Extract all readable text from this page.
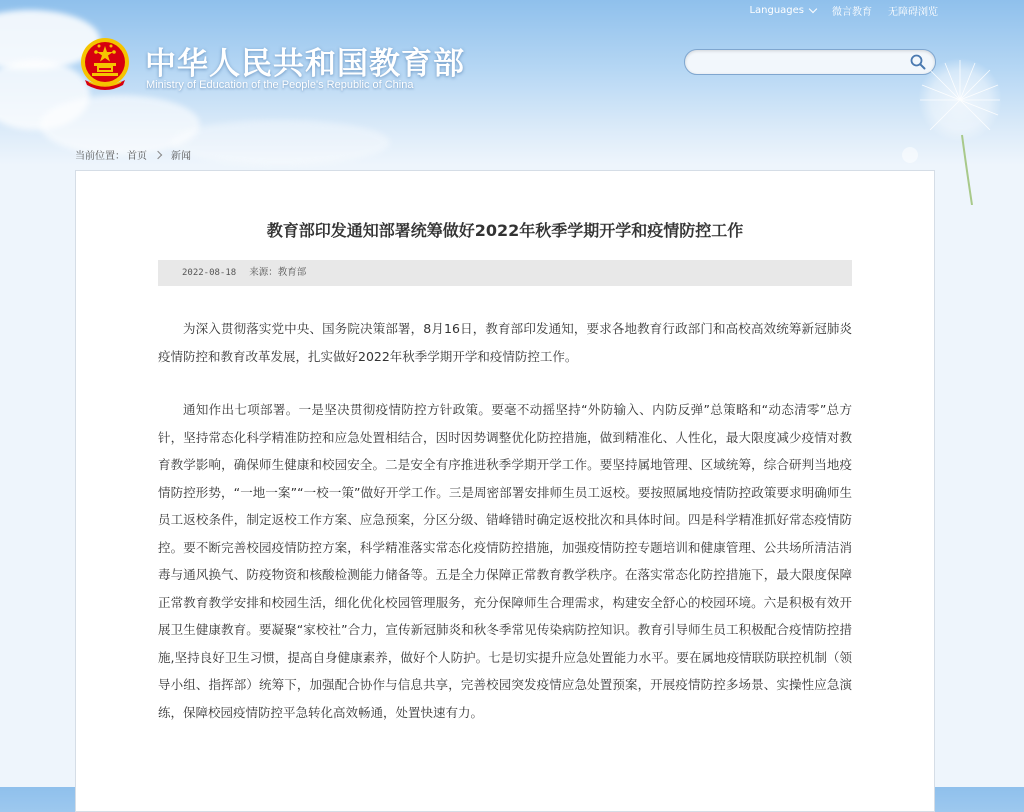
Languages	微言教育 无障碍浏览
中华人民共和国教育部
Ministry of Education of the People's Republic of China
当前位置： 首页 新闻
教育部印发通知部署统筹做好2022年秋季学期开学和疫情防控工作
2022-08-18 来源：教育部

为深入贯彻落实党中央、国务院决策部署，8月16日，教育部印发通知，要求各地教育行政部门和高校高效统筹新冠肺炎疫情防控和教育改革发展，扎实做好2022年秋季学期开学和疫情防控工作。

通知作出七项部署。一是坚决贯彻疫情防控方针政策。要毫不动摇坚持“外防输入、内防反弹”总策略和“动态清零”总方针，坚持常态化科学精准防控和应急处置相结合，因时因势调整优化防控措施，做到精准化、人性化，最大限度减少疫情对教育教学影响，确保师生健康和校园安全。二是安全有序推进秋季学期开学工作。要坚持属地管理、区域统筹，综合研判当地疫情防控形势，“一地一案”“一校一策”做好开学工作。三是周密部署安排师生员工返校。要按照属地疫情防控政策要求明确师生员工返校条件，制定返校工作方案、应急预案，分区分级、错峰错时确定返校批次和具体时间。四是科学精准抓好常态疫情防控。要不断完善校园疫情防控方案，科学精准落实常态化疫情防控措施，加强疫情防控专题培训和健康管理、公共场所清洁消毒与通风换气、防疫物资和核酸检测能力储备等。五是全力保障正常教育教学秩序。在落实常态化防控措施下，最大限度保障正常教育教学安排和校园生活，细化优化校园管理服务，充分保障师生合理需求，构建安全舒心的校园环境。六是积极有效开展卫生健康教育。要凝聚“家校社”合力，宣传新冠肺炎和秋冬季常见传染病防控知识。教育引导师生员工积极配合疫情防控措施,坚持良好卫生习惯，提高自身健康素养，做好个人防护。七是切实提升应急处置能力水平。要在属地疫情联防联控机制（领导小组、指挥部）统筹下，加强配合协作与信息共享，完善校园突发疫情应急处置预案，开展疫情防控多场景、实操性应急演练，保障校园疫情防控平急转化高效畅通，处置快速有力。
